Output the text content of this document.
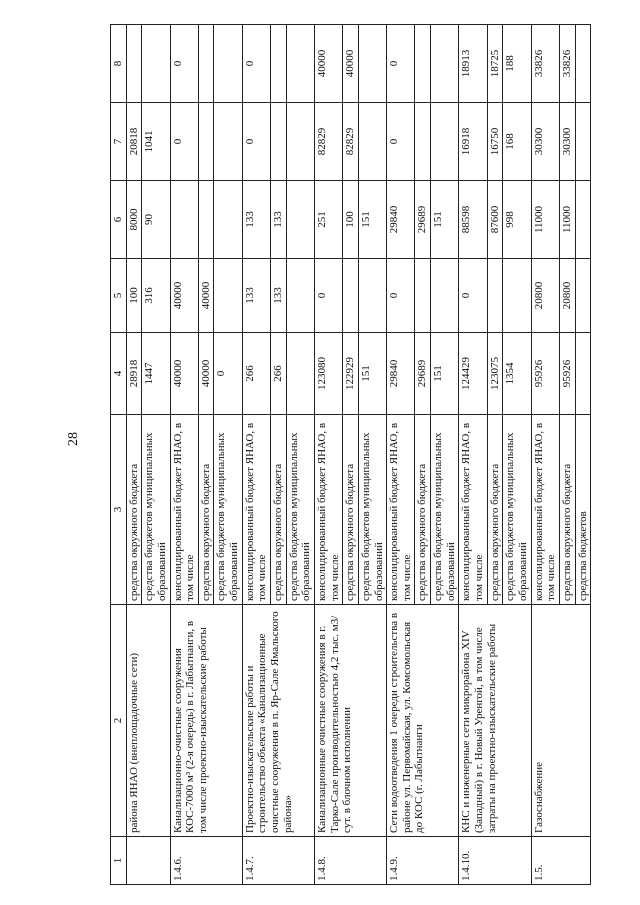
28
1	2	3	4	5	6	7	8
	района ЯНАО (внеплощадочные сети)	средства окружного бюджета	28918	100	8000	20818	
		средства бюджетов муниципальных образований	1447	316	90	1041	
1.4.6.	Канализационно-очистные сооружения КОС-7000 м³ (2-я очередь) в г. Лабытнанги, в том числе проектно-изыскательские работы	консолидированный бюджет ЯНАО, в том числе	40000	40000		0	0
		средства окружного бюджета	40000	40000			
		средства бюджетов муниципальных образований	0				
1.4.7.	Проектно-изыскательские работы и строительство объекта «Канализационные очистные сооружения в п. Яр-Сале Ямальского района»	консолидированный бюджет ЯНАО, в том числе	266	133	133	0	0
		средства окружного бюджета	266	133	133		
		средства бюджетов муниципальных образований					
1.4.8.	Канализационные очистные сооружения в г. Тарко-Сале производительностью 4,2 тыс. м3/сут. в блочном исполнении	консолидированный бюджет ЯНАО, в том числе	123080	0	251	82829	40000
		средства окружного бюджета	122929		100	82829	40000
		средства бюджетов муниципальных образований	151		151		
1.4.9.	Сети водоотведения 1 очереди строительства в районе ул. Первомайская, ул. Комсомольская до КОС (г. Лабытнанги	консолидированный бюджет ЯНАО, в том числе	29840	0	29840	0	0
		средства окружного бюджета	29689		29689		
		средства бюджетов муниципальных образований	151		151		
1.4.10.	КНС и инженерные сети микрорайона XIV (Западный) в г. Новый Уренгой, в том числе затраты на проектно-изыскательские работы	консолидированный бюджет ЯНАО, в том числе	124429	0	88598	16918	18913
		средства окружного бюджета	123075		87600	16750	18725
		средства бюджетов муниципальных образований	1354		998	168	188
1.5.	Газоснабжение	консолидированный бюджет ЯНАО, в том числе	95926	20800	11000	30300	33826
		средства окружного бюджета	95926	20800	11000	30300	33826
		средства бюджетов					
